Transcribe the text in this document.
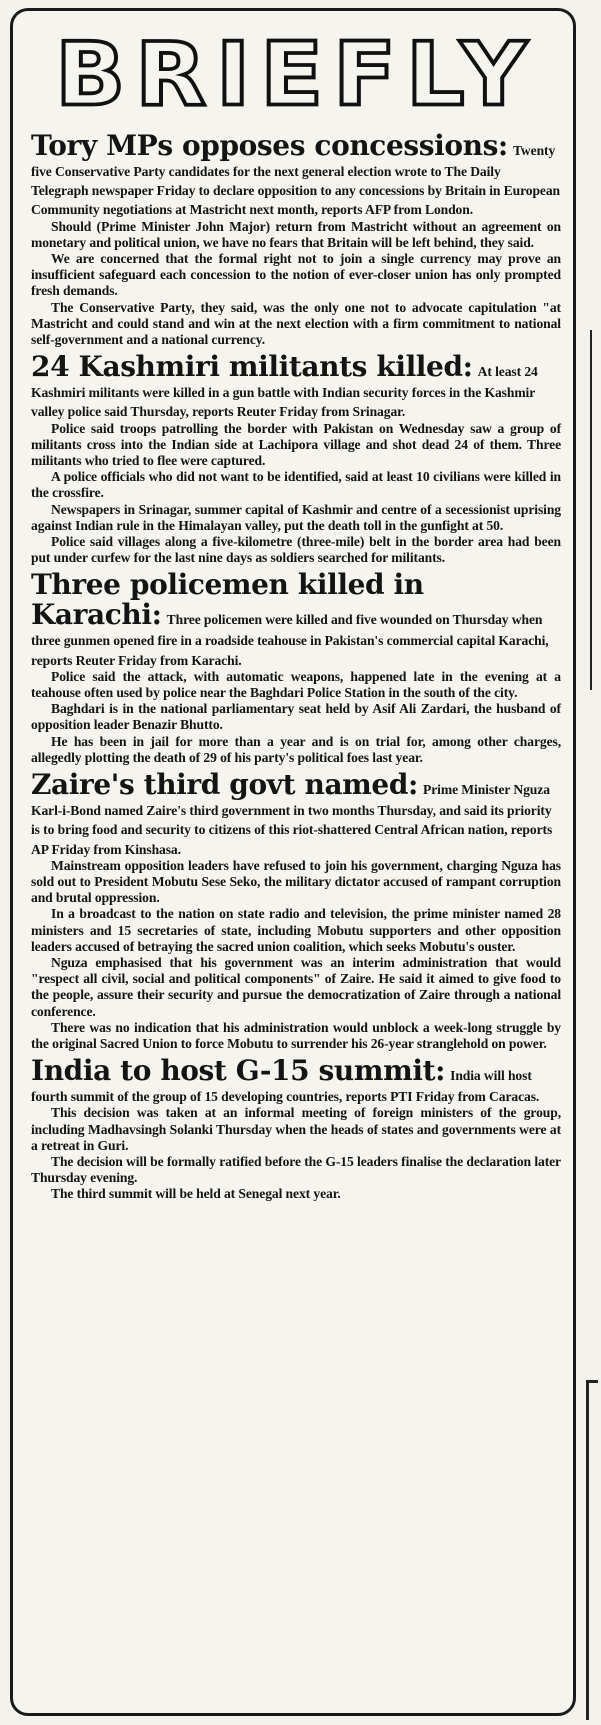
BRIEFLY

Tory MPs opposes concessions: Twenty five Conservative Party candidates for the next general election wrote to The Daily Telegraph newspaper Friday to declare opposition to any concessions by Britain in European Community negotiations at Mastricht next month, reports AFP from London.

Should (Prime Minister John Major) return from Mastricht without an agreement on monetary and political union, we have no fears that Britain will be left behind, they said.

We are concerned that the formal right not to join a single currency may prove an insufficient safeguard each concession to the notion of ever-closer union has only prompted fresh demands.

The Conservative Party, they said, was the only one not to advocate capitulation "at Mastricht and could stand and win at the next election with a firm commitment to national self-government and a national currency.

24 Kashmiri militants killed: At least 24 Kashmiri militants were killed in a gun battle with Indian security forces in the Kashmir valley police said Thursday, reports Reuter Friday from Srinagar.

Police said troops patrolling the border with Pakistan on Wednesday saw a group of militants cross into the Indian side at Lachipora village and shot dead 24 of them. Three militants who tried to flee were captured.

A police officials who did not want to be identified, said at least 10 civilians were killed in the crossfire.

Newspapers in Srinagar, summer capital of Kashmir and centre of a secessionist uprising against Indian rule in the Himalayan valley, put the death toll in the gunfight at 50.

Police said villages along a five-kilometre (three-mile) belt in the border area had been put under curfew for the last nine days as soldiers searched for militants.

Three policemen killed in Karachi: Three policemen were killed and five wounded on Thursday when three gunmen opened fire in a roadside teahouse in Pakistan's commercial capital Karachi, reports Reuter Friday from Karachi.

Police said the attack, with automatic weapons, happened late in the evening at a teahouse often used by police near the Baghdari Police Station in the south of the city.

Baghdari is in the national parliamentary seat held by Asif Ali Zardari, the husband of opposition leader Benazir Bhutto.

He has been in jail for more than a year and is on trial for, among other charges, allegedly plotting the death of 29 of his party's political foes last year.

Zaire's third govt named: Prime Minister Nguza Karl-i-Bond named Zaire's third government in two months Thursday, and said its priority is to bring food and security to citizens of this riot-shattered Central African nation, reports AP Friday from Kinshasa.

Mainstream opposition leaders have refused to join his government, charging Nguza has sold out to President Mobutu Sese Seko, the military dictator accused of rampant corruption and brutal oppression.

In a broadcast to the nation on state radio and television, the prime minister named 28 ministers and 15 secretaries of state, including Mobutu supporters and other opposition leaders accused of betraying the sacred union coalition, which seeks Mobutu's ouster.

Nguza emphasised that his government was an interim administration that would "respect all civil, social and political components" of Zaire. He said it aimed to give food to the people, assure their security and pursue the democratization of Zaire through a national conference.

There was no indication that his administration would unblock a week-long struggle by the original Sacred Union to force Mobutu to surrender his 26-year stranglehold on power.

India to host G-15 summit: India will host fourth summit of the group of 15 developing countries, reports PTI Friday from Caracas.

This decision was taken at an informal meeting of foreign ministers of the group, including Madhavsingh Solanki Thursday when the heads of states and governments were at a retreat in Guri.

The decision will be formally ratified before the G-15 leaders finalise the declaration later Thursday evening.

The third summit will be held at Senegal next year.
